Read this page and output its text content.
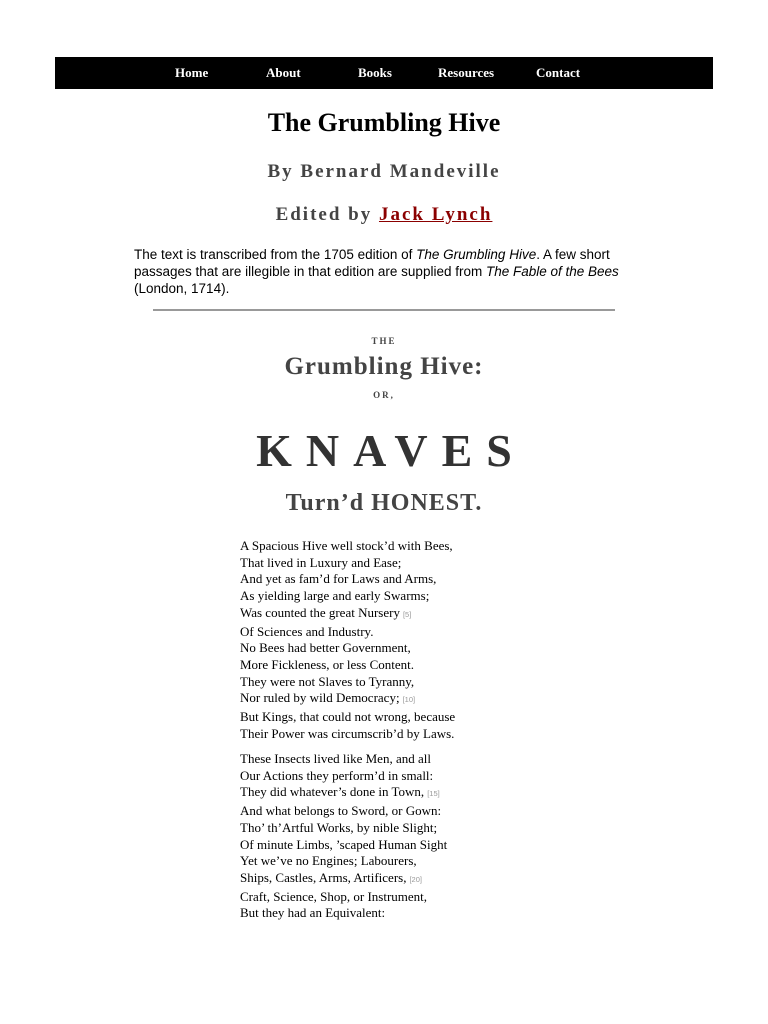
Home	About	Books	Resources	Contact
The Grumbling Hive
By Bernard Mandeville
Edited by Jack Lynch

The text is transcribed from the 1705 edition of The Grumbling Hive. A few short passages that are illegible in that edition are supplied from The Fable of the Bees (London, 1714).

THE
Grumbling Hive:
OR,
KNAVES
Turn’d HONEST.
A Spacious Hive well stock’d with Bees,
That lived in Luxury and Ease;
And yet as fam’d for Laws and Arms,
As yielding large and early Swarms;
Was counted the great Nursery [5]
Of Sciences and Industry.
No Bees had better Government,
More Fickleness, or less Content.
They were not Slaves to Tyranny,
Nor ruled by wild Democracy; [10]
But Kings, that could not wrong, because
Their Power was circumscrib’d by Laws.
These Insects lived like Men, and all
Our Actions they perform’d in small:
They did whatever’s done in Town, [15]
And what belongs to Sword, or Gown:
Tho’ th’Artful Works, by nible Slight;
Of minute Limbs, ’scaped Human Sight
Yet we’ve no Engines; Labourers,
Ships, Castles, Arms, Artificers, [20]
Craft, Science, Shop, or Instrument,
But they had an Equivalent:
